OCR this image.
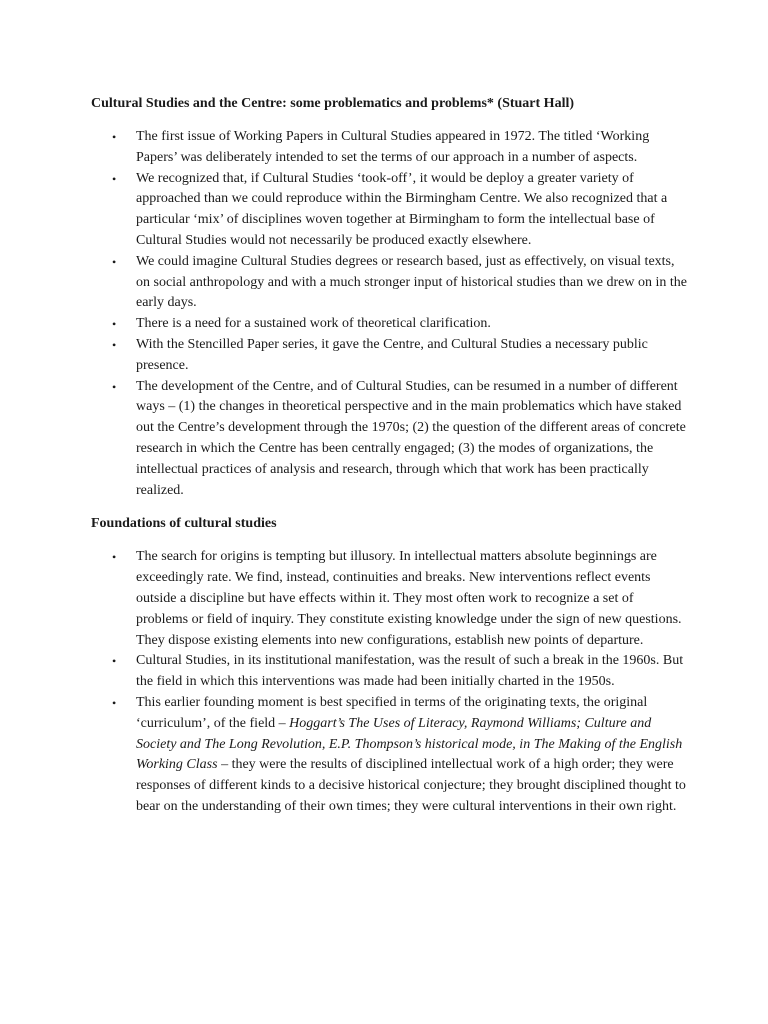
Cultural Studies and the Centre: some problematics and problems* (Stuart Hall)

• The first issue of Working Papers in Cultural Studies appeared in 1972. The titled ‘Working Papers’ was deliberately intended to set the terms of our approach in a number of aspects.
• We recognized that, if Cultural Studies ‘took-off’, it would be deploy a greater variety of approached than we could reproduce within the Birmingham Centre. We also recognized that a particular ‘mix’ of disciplines woven together at Birmingham to form the intellectual base of Cultural Studies would not necessarily be produced exactly elsewhere.
• We could imagine Cultural Studies degrees or research based, just as effectively, on visual texts, on social anthropology and with a much stronger input of historical studies than we drew on in the early days.
• There is a need for a sustained work of theoretical clarification.
• With the Stencilled Paper series, it gave the Centre, and Cultural Studies a necessary public presence.
• The development of the Centre, and of Cultural Studies, can be resumed in a number of different ways – (1) the changes in theoretical perspective and in the main problematics which have staked out the Centre’s development through the 1970s; (2) the question of the different areas of concrete research in which the Centre has been centrally engaged; (3) the modes of organizations, the intellectual practices of analysis and research, through which that work has been practically realized.

Foundations of cultural studies

• The search for origins is tempting but illusory. In intellectual matters absolute beginnings are exceedingly rate. We find, instead, continuities and breaks. New interventions reflect events outside a discipline but have effects within it. They most often work to recognize a set of problems or field of inquiry. They constitute existing knowledge under the sign of new questions. They dispose existing elements into new configurations, establish new points of departure.
• Cultural Studies, in its institutional manifestation, was the result of such a break in the 1960s. But the field in which this interventions was made had been initially charted in the 1950s.
• This earlier founding moment is best specified in terms of the originating texts, the original ‘curriculum’, of the field – Hoggart’s The Uses of Literacy, Raymond Williams; Culture and Society and The Long Revolution, E.P. Thompson’s historical mode, in The Making of the English Working Class – they were the results of disciplined intellectual work of a high order; they were responses of different kinds to a decisive historical conjecture; they brought disciplined thought to bear on the understanding of their own times; they were cultural interventions in their own right.
